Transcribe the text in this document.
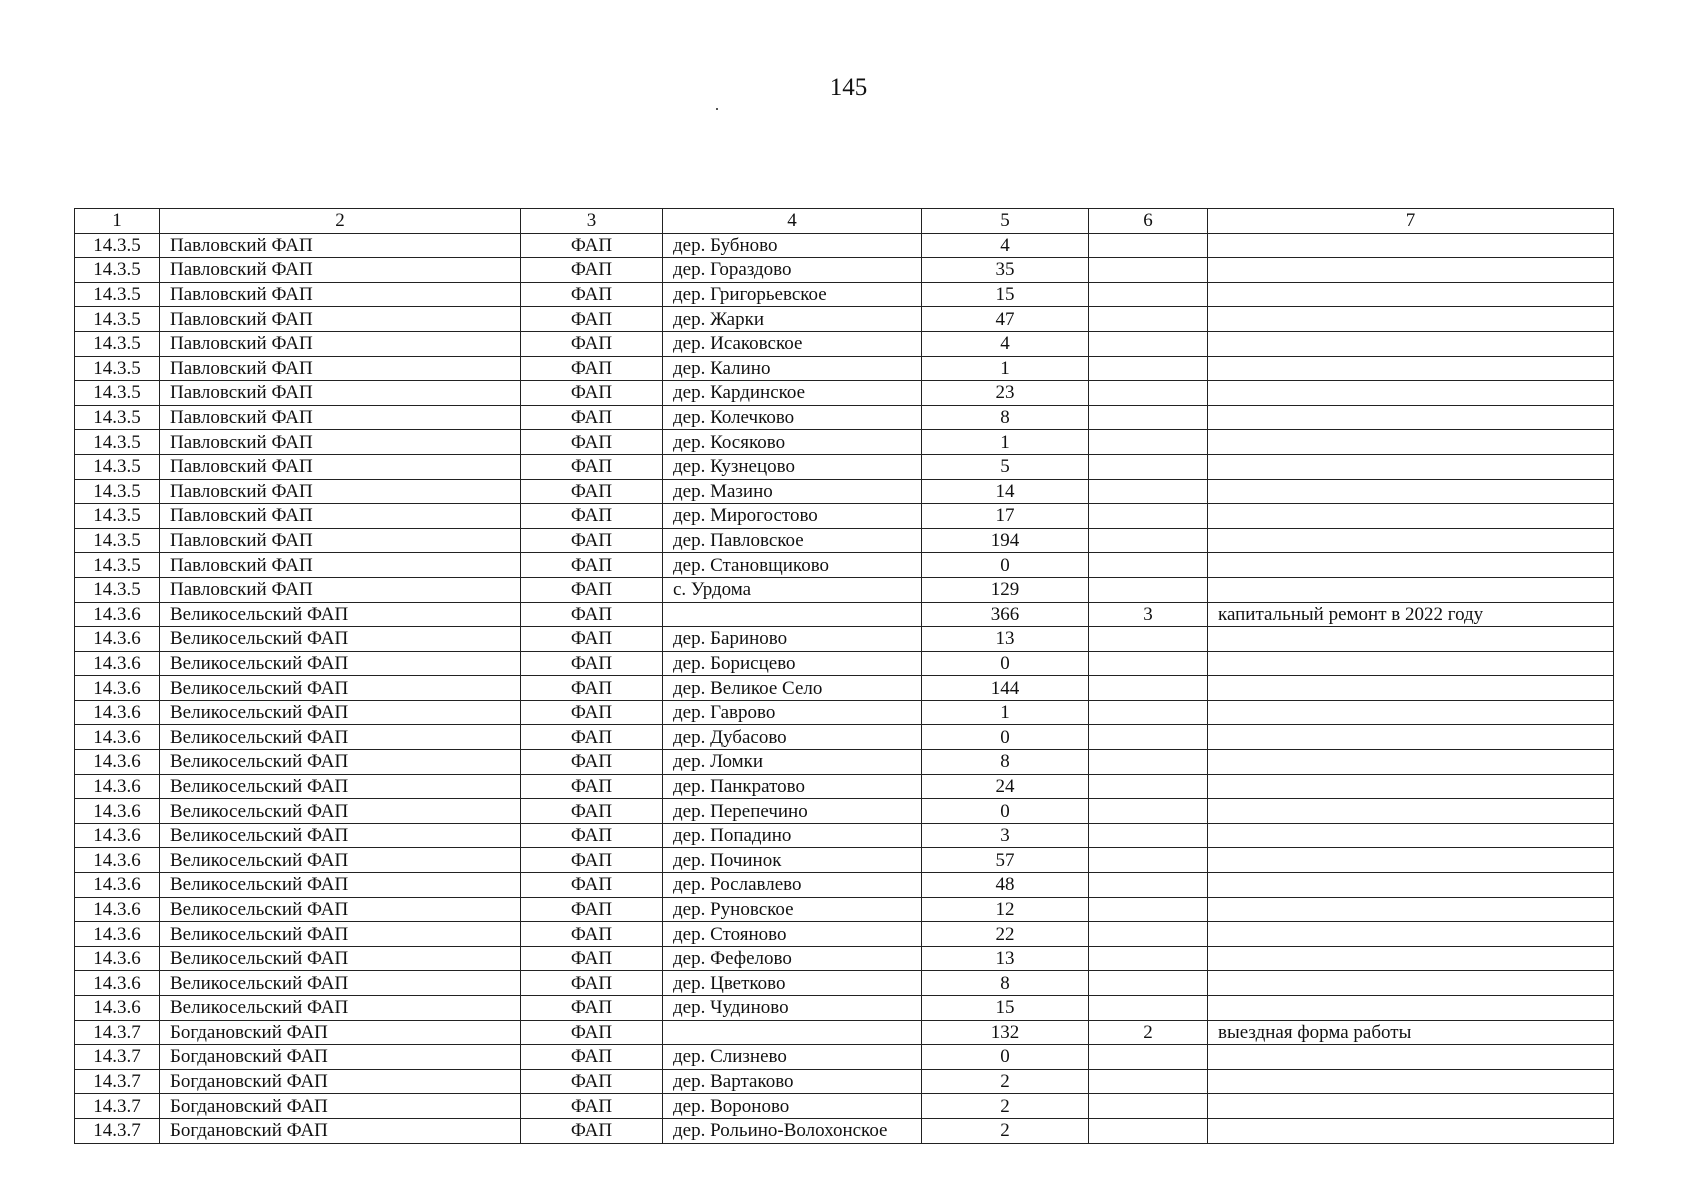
145
1	2	3	4	5	6	7
14.3.5	Павловский ФАП	ФАП	дер. Бубново	4		
14.3.5	Павловский ФАП	ФАП	дер. Гораздово	35		
14.3.5	Павловский ФАП	ФАП	дер. Григорьевское	15		
14.3.5	Павловский ФАП	ФАП	дер. Жарки	47		
14.3.5	Павловский ФАП	ФАП	дер. Исаковское	4		
14.3.5	Павловский ФАП	ФАП	дер. Калино	1		
14.3.5	Павловский ФАП	ФАП	дер. Кардинское	23		
14.3.5	Павловский ФАП	ФАП	дер. Колечково	8		
14.3.5	Павловский ФАП	ФАП	дер. Косяково	1		
14.3.5	Павловский ФАП	ФАП	дер. Кузнецово	5		
14.3.5	Павловский ФАП	ФАП	дер. Мазино	14		
14.3.5	Павловский ФАП	ФАП	дер. Мирогостово	17		
14.3.5	Павловский ФАП	ФАП	дер. Павловское	194		
14.3.5	Павловский ФАП	ФАП	дер. Становщиково	0		
14.3.5	Павловский ФАП	ФАП	с. Урдома	129		
14.3.6	Великосельский ФАП	ФАП		366	3	капитальный ремонт в 2022 году
14.3.6	Великосельский ФАП	ФАП	дер. Бариново	13		
14.3.6	Великосельский ФАП	ФАП	дер. Борисцево	0		
14.3.6	Великосельский ФАП	ФАП	дер. Великое Село	144		
14.3.6	Великосельский ФАП	ФАП	дер. Гаврово	1		
14.3.6	Великосельский ФАП	ФАП	дер. Дубасово	0		
14.3.6	Великосельский ФАП	ФАП	дер. Ломки	8		
14.3.6	Великосельский ФАП	ФАП	дер. Панкратово	24		
14.3.6	Великосельский ФАП	ФАП	дер. Перепечино	0		
14.3.6	Великосельский ФАП	ФАП	дер. Попадино	3		
14.3.6	Великосельский ФАП	ФАП	дер. Починок	57		
14.3.6	Великосельский ФАП	ФАП	дер. Рославлево	48		
14.3.6	Великосельский ФАП	ФАП	дер. Руновское	12		
14.3.6	Великосельский ФАП	ФАП	дер. Стояново	22		
14.3.6	Великосельский ФАП	ФАП	дер. Фефелово	13		
14.3.6	Великосельский ФАП	ФАП	дер. Цветково	8		
14.3.6	Великосельский ФАП	ФАП	дер. Чудиново	15		
14.3.7	Богдановский ФАП	ФАП		132	2	выездная форма работы
14.3.7	Богдановский ФАП	ФАП	дер. Слизнево	0		
14.3.7	Богдановский ФАП	ФАП	дер. Вартаково	2		
14.3.7	Богдановский ФАП	ФАП	дер. Вороново	2		
14.3.7	Богдановский ФАП	ФАП	дер. Рольино-Волохонское	2		
